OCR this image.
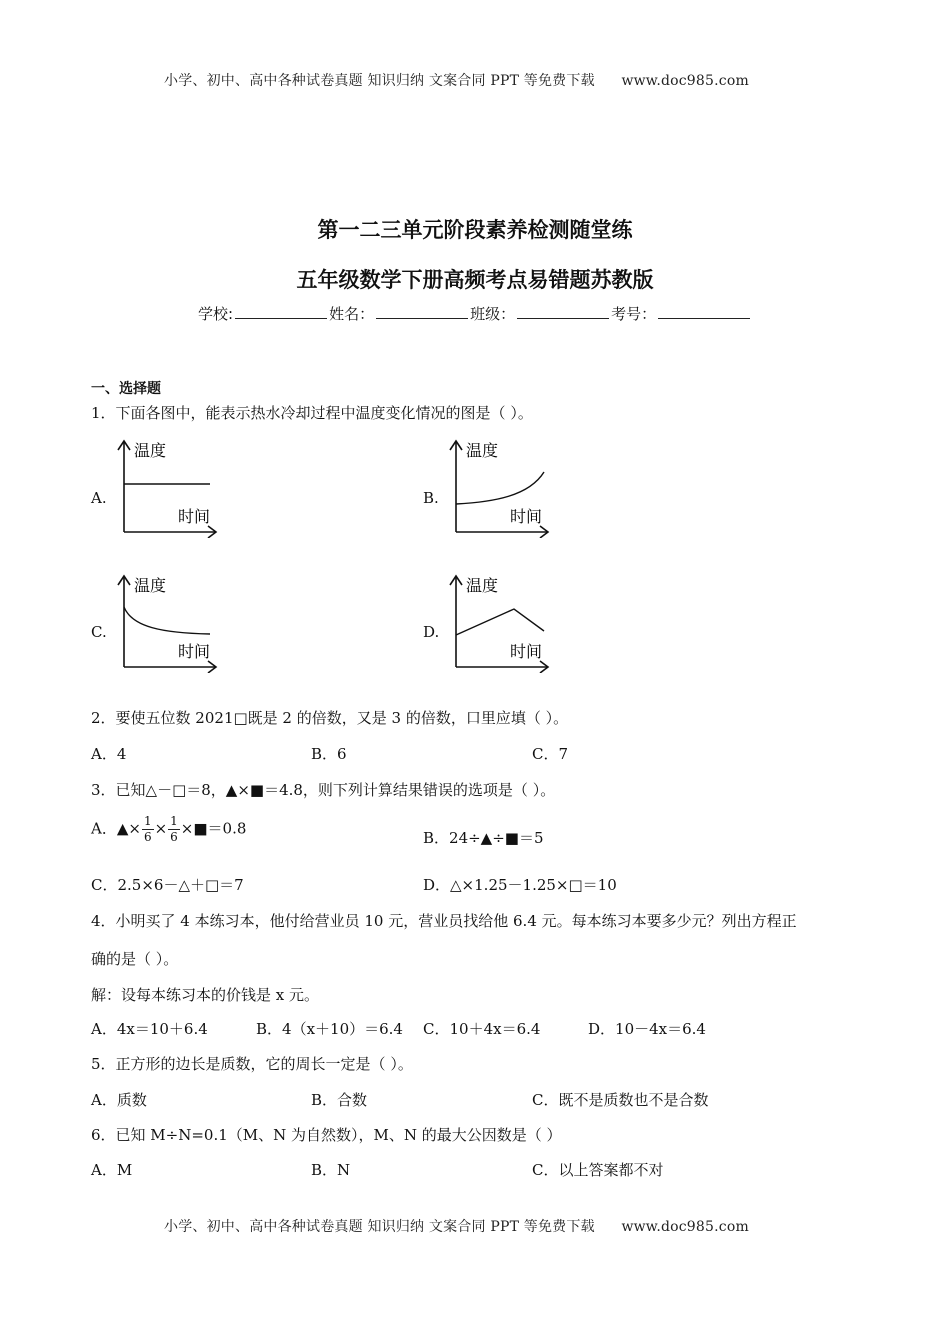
小学、初中、高中各种试卷真题 知识归纳 文案合同 PPT 等免费下载 www.doc985.com
第一二三单元阶段素养检测随堂练
五年级数学下册高频考点易错题苏教版
学校:	姓名：	班级：	考号：
一、选择题
1．下面各图中，能表示热水冷却过程中温度变化情况的图是（ ）。
A.	B.
C.	D.
温度
时间
温度
时间
温度
时间
温度
时间
2．要使五位数 2021□既是 2 的倍数，又是 3 的倍数，口里应填（ ）。
A．4	B．6	C．7
3．已知△－□＝8，▲×■＝4.8，则下列计算结果错误的选项是（ ）。
A．▲× $\frac{1}{6} \times \frac{1}{6}$ ×■＝0.8
B．24÷▲÷■＝5
C．2.5×6－△＋□＝7	D．△×1.25－1.25×□＝10
4．小明买了 4 本练习本，他付给营业员 10 元，营业员找给他 6.4 元。每本练习本要多少元？列出方程正
确的是（ ）。
解：设每本练习本的价钱是 x 元。
A．4x＝10＋6.4	B．4（x＋10）＝6.4 C．10＋4x＝6.4	D．10－4x＝6.4
5．正方形的边长是质数，它的周长一定是（ ）。
A．质数	B．合数	C．既不是质数也不是合数
6．已知 M÷N=0.1（M、N 为自然数），M、N 的最大公因数是（ ）
A．M	B．N	C．以上答案都不对
小学、初中、高中各种试卷真题 知识归纳 文案合同 PPT 等免费下载 www.doc985.com
